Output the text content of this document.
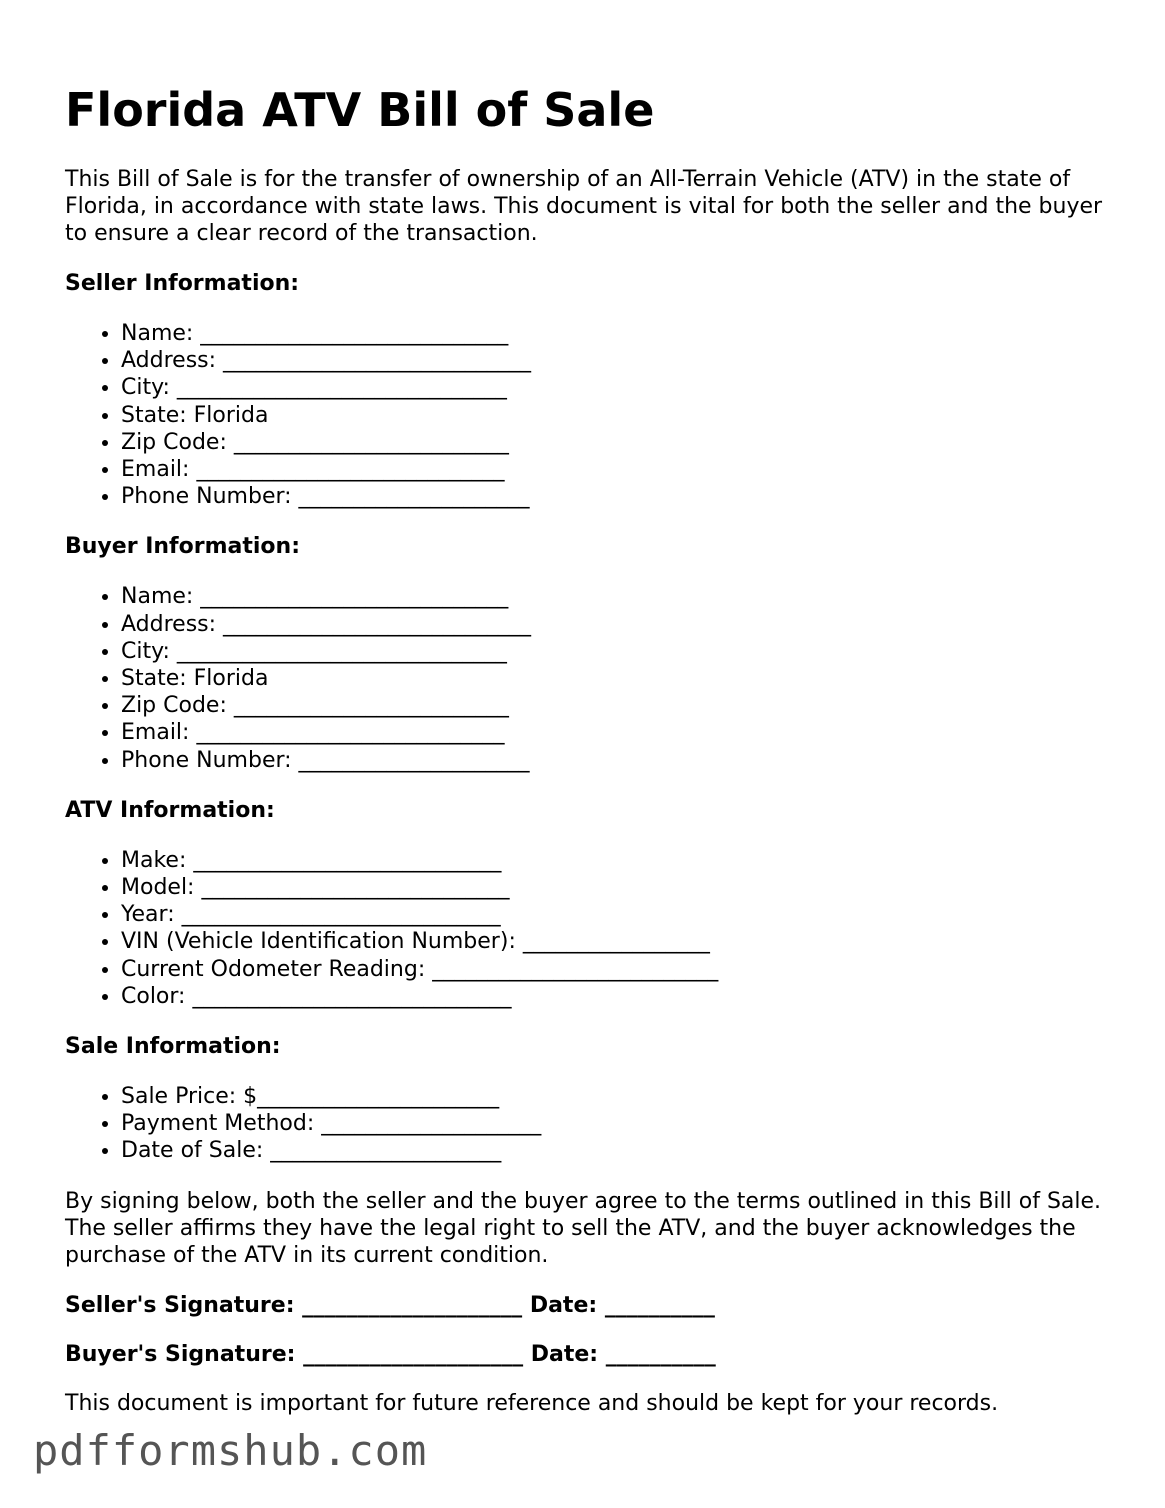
Florida ATV Bill of Sale

This Bill of Sale is for the transfer of ownership of an All-Terrain Vehicle (ATV) in the state of Florida, in accordance with state laws. This document is vital for both the seller and the buyer to ensure a clear record of the transaction.

Seller Information:
• Name: ____________________________
• Address: ____________________________
• City: ______________________________
• State: Florida
• Zip Code: _________________________
• Email: ____________________________
• Phone Number: _____________________
Buyer Information:
• Name: ____________________________
• Address: ____________________________
• City: ______________________________
• State: Florida
• Zip Code: _________________________
• Email: ____________________________
• Phone Number: _____________________
ATV Information:
• Make: ____________________________
• Model: ____________________________
• Year: _____________________________
• VIN (Vehicle Identification Number): _________________
• Current Odometer Reading: __________________________
• Color: _____________________________
Sale Information:
• Sale Price: $______________________
• Payment Method: ____________________
• Date of Sale: _____________________

By signing below, both the seller and the buyer agree to the terms outlined in this Bill of Sale. The seller affirms they have the legal right to sell the ATV, and the buyer acknowledges the purchase of the ATV in its current condition.

Seller's Signature: ____________________ Date: __________
Buyer's Signature: ____________________ Date: __________

This document is important for future reference and should be kept for your records.

pdfformshub.com
